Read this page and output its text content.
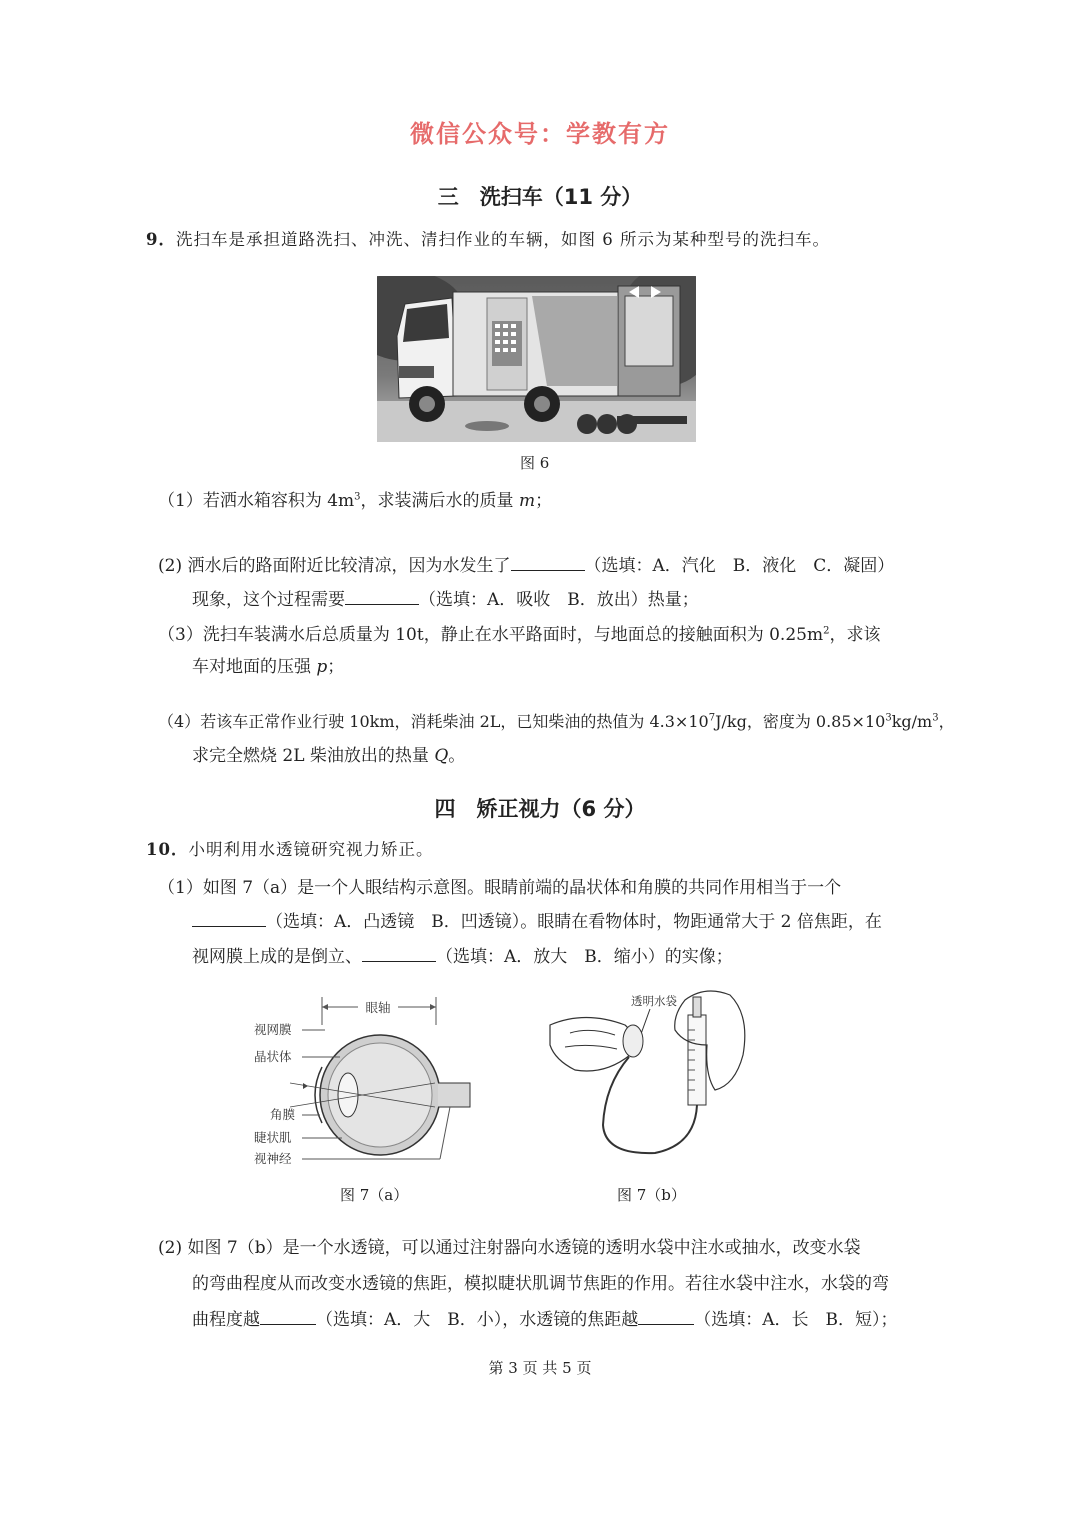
微信公众号：学教有方
三　洗扫车（11 分）
9．洗扫车是承担道路洗扫、冲洗、清扫作业的车辆，如图 6 所示为某种型号的洗扫车。
图 6
（1）若洒水箱容积为 $4m^3$，求装满后水的质量 m；
(2) 洒水后的路面附近比较清凉，因为水发生了	（选填：A．汽化　B．液化　C．凝固）
现象，这个过程需要	（选填：A．吸收　B．放出）热量；
（3）洗扫车装满水后总质量为 10t，静止在水平路面时，与地面总的接触面积为 $0.25m^2$，求该
车对地面的压强 p；
（4）若该车正常作业行驶 10km，消耗柴油 2L，已知柴油的热值为 $4.3\times 10^7J/kg$，密度为 $0.85\times 10^3kg/m^3$，
求完全燃烧 2L 柴油放出的热量 Q。
四　矫正视力（6 分）
10．小明利用水透镜研究视力矫正。
（1）如图 7（a）是一个人眼结构示意图。眼睛前端的晶状体和角膜的共同作用相当于一个
（选填：A．凸透镜　B．凹透镜）。眼睛在看物体时，物距通常大于 2 倍焦距，在
视网膜上成的是倒立、	（选填：A．放大　B．缩小）的实像；
眼轴
视网膜
晶状体
角膜
睫状肌
视神经
图 7（a）
透明水袋
图 7（b）
(2) 如图 7（b）是一个水透镜，可以通过注射器向水透镜的透明水袋中注水或抽水，改变水袋
的弯曲程度从而改变水透镜的焦距，模拟睫状肌调节焦距的作用。若往水袋中注水，水袋的弯
曲程度越	（选填：A．大　B．小），水透镜的焦距越	（选填：A．长　B．短）；
第 3 页 共 5 页
